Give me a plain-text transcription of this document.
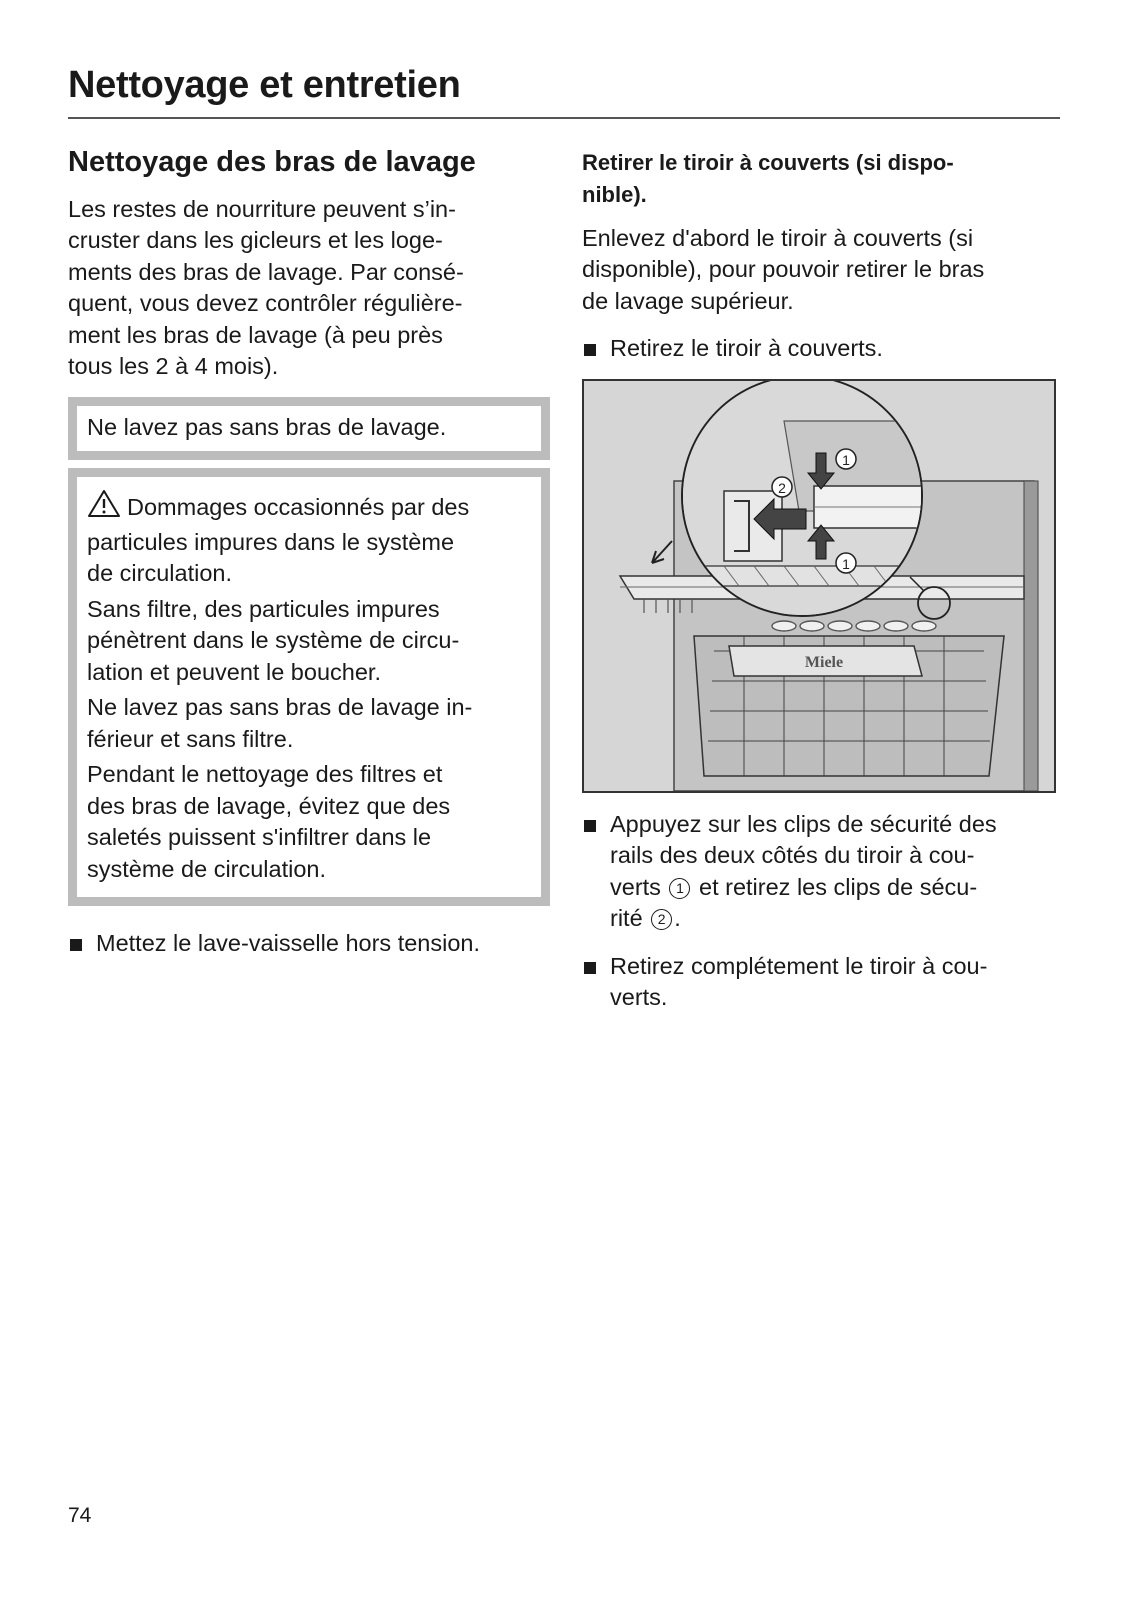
Nettoyage et entretien
Nettoyage des bras de lavage

Les restes de nourriture peuvent s’in-
cruster dans les gicleurs et les loge-
ments des bras de lavage. Par consé-
quent, vous devez contrôler régulière-
ment les bras de lavage (à peu près
tous les 2 à 4 mois).

Ne lavez pas sans bras de lavage.

Dommages occasionnés par des
particules impures dans le système
de circulation.

Sans filtre, des particules impures
pénètrent dans le système de circu-
lation et peuvent le boucher.

Ne lavez pas sans bras de lavage in-
férieur et sans filtre.

Pendant le nettoyage des filtres et
des bras de lavage, évitez que des
saletés puissent s'infiltrer dans le
système de circulation.

Mettez le lave-vaisselle hors tension.
Retirer le tiroir à couverts (si dispo-
nible).

Enlevez d'abord le tiroir à couverts (si
disponible), pour pouvoir retirer le bras
de lavage supérieur.

Retirez le tiroir à couverts.
Miele
1
2
1
Appuyez sur les clips de sécurité des
rails des deux côtés du tiroir à cou-
verts 1 et retirez les clips de sécu-
rité 2 .
Retirez complétement le tiroir à cou-
verts.
74
